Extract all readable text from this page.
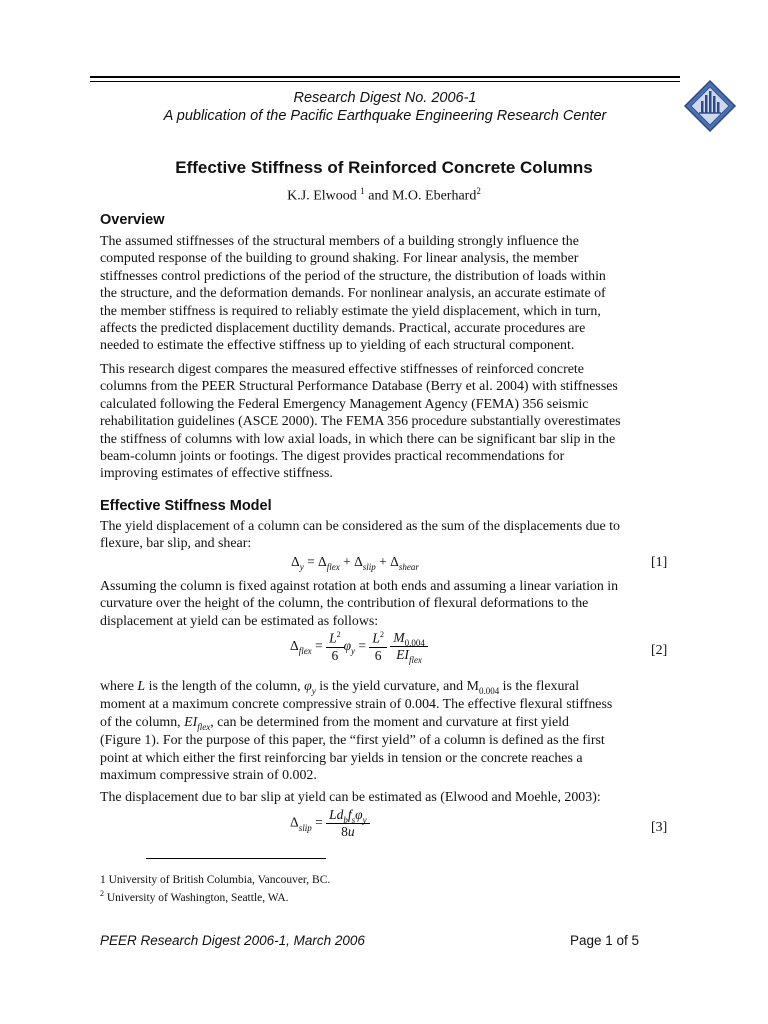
Research Digest No. 2006-1
A publication of the Pacific Earthquake Engineering Research Center
Effective Stiffness of Reinforced Concrete Columns
K.J. Elwood $^1$ and M.O. Eberhard$^2$
Overview
The assumed stiffnesses of the structural members of a building strongly influence the
computed response of the building to ground shaking. For linear analysis, the member
stiffnesses control predictions of the period of the structure, the distribution of loads within
the structure, and the deformation demands. For nonlinear analysis, an accurate estimate of
the member stiffness is required to reliably estimate the yield displacement, which in turn,
affects the predicted displacement ductility demands. Practical, accurate procedures are
needed to estimate the effective stiffness up to yielding of each structural component.
This research digest compares the measured effective stiffnesses of reinforced concrete
columns from the PEER Structural Performance Database (Berry et al. 2004) with stiffnesses
calculated following the Federal Emergency Management Agency (FEMA) 356 seismic
rehabilitation guidelines (ASCE 2000). The FEMA 356 procedure substantially overestimates
the stiffness of columns with low axial loads, in which there can be significant bar slip in the
beam-column joints or footings. The digest provides practical recommendations for
improving estimates of effective stiffness.
Effective Stiffness Model
The yield displacement of a column can be considered as the sum of the displacements due to
flexure, bar slip, and shear:
$\Delta_y = \Delta_{flex} + \Delta_{slip} + \Delta_{shear}$	[1]
Assuming the column is fixed against rotation at both ends and assuming a linear variation in
curvature over the height of the column, the contribution of flexural deformations to the
displacement at yield can be estimated as follows:
$\Delta_{flex} = \frac{L^2}{6} \varphi_y = \frac{L^2}{6}$
$\frac{M_{0.004}}{EI_{flex}}$	[2]
where L is the length of the column, $\varphi_y$ is the yield curvature, and $M_{0.004}$ is the flexural
moment at a maximum concrete compressive strain of 0.004. The effective flexural stiffness
of the column, $EI_{flex}$, can be determined from the moment and curvature at first yield
(Figure 1). For the purpose of this paper, the “first yield” of a column is defined as the first
point at which either the first reinforcing bar yields in tension or the concrete reaches a
maximum compressive strain of 0.002.
The displacement due to bar slip at yield can be estimated as (Elwood and Moehle, 2003):
$\Delta_{slip} = \frac{Ld_bf_s\varphi_y}{8u}$	[3]
1 University of British Columbia, Vancouver, BC.
$^2$ University of Washington, Seattle, WA.
PEER Research Digest 2006-1, March 2006	Page 1 of 5
